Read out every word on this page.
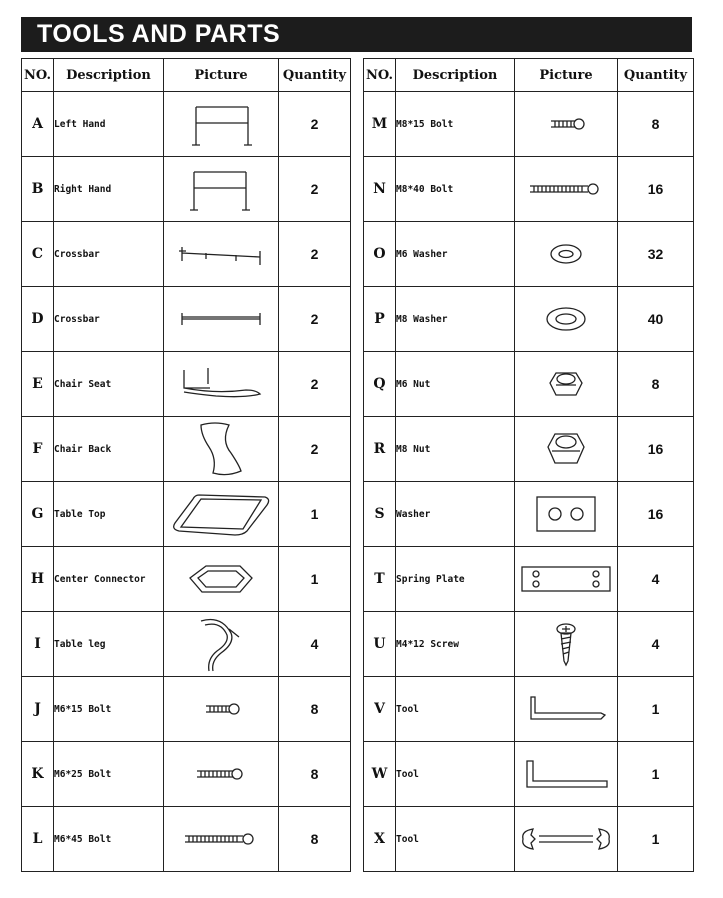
TOOLS AND PARTS
NO.	Description	Picture	Quantity
A	Left Hand		2
B	Right Hand		2
C	Crossbar		2
D	Crossbar		2
E	Chair Seat		2
F	Chair Back		2
G	Table Top		1
H	Center Connector		1
I	Table leg		4
J	M6*15 Bolt		8
K	M6*25 Bolt		8
L	M6*45 Bolt		8
NO.	Description	Picture	Quantity
M	M8*15 Bolt		8
N	M8*40 Bolt		16
O	M6 Washer		32
P	M8 Washer		40
Q	M6 Nut		8
R	M8 Nut		16
S	Washer		16
T	Spring Plate		4
U	M4*12 Screw		4
V	Tool		1
W	Tool		1
X	Tool		1
